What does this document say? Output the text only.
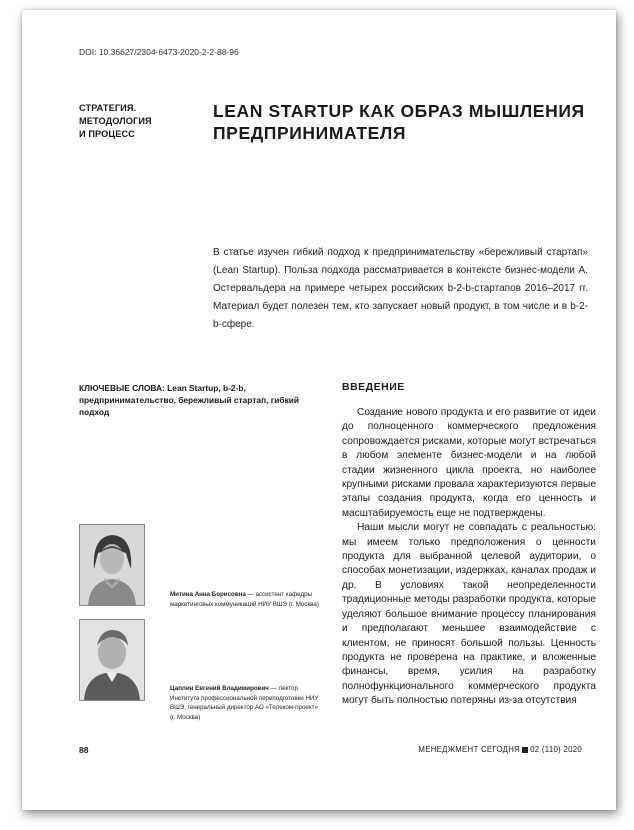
DOI: 10.36627/2304-6473-2020-2-2-88-96
СТРАТЕГИЯ.
МЕТОДОЛОГИЯ
И ПРОЦЕСС
LEAN STARTUP КАК ОБРАЗ МЫШЛЕНИЯ
ПРЕДПРИНИМАТЕЛЯ
В статье изучен гибкий подход к предпринимательству «бережливый стартап» (Lean Startup). Польза подхода рассматривается в контексте бизнес-модели А. Остервальдера на примере четырех российских b-2-b-стартапов 2016–2017 гг. Материал будет полезен тем, кто запускает новый продукт, в том числе и в b-2-b-сфере.
КЛЮЧЕВЫЕ СЛОВА: Lean Startup, b-2-b, предпринимательство, бережливый стартап, гибкий подход
ВВЕДЕНИЕ

Создание нового продукта и его развитие от идеи до полноценного коммерческого предложения сопровождается рисками, которые могут встречаться в любом элементе бизнес-модели и на любой стадии жизненного цикла проекта, но наиболее крупными рисками провала характеризуются первые этапы создания продукта, когда его ценность и масштабируемость еще не подтверждены.

Наши мысли могут не совпадать с реальностью: мы имеем только предположения о ценности продукта для выбранной целевой аудитории, о способах монетизации, издержках, каналах продаж и др. В условиях такой неопределенности традиционные методы разработки продукта, которые уделяют большое внимание процессу планирования и предполагают меньшее взаимодействие с клиентом, не приносят большой пользы. Ценность продукта не проверена на практике, и вложенные финансы, время, усилия на разработку полнофункционального коммерческого продукта могут быть полностью потеряны из-за отсутствия

Митина Анна Борисовна — ассистент кафедры маркетинговых коммуникаций НИУ ВШЭ (г. Москва)
Цаплин Евгений Владимирович — лектор Института профессиональной переподготовки НИУ ВШЭ, генеральный директор АО «Телеком-проект» (г. Москва)
88	МЕНЕДЖМЕНТ СЕГОДНЯ 02 (110) 2020
